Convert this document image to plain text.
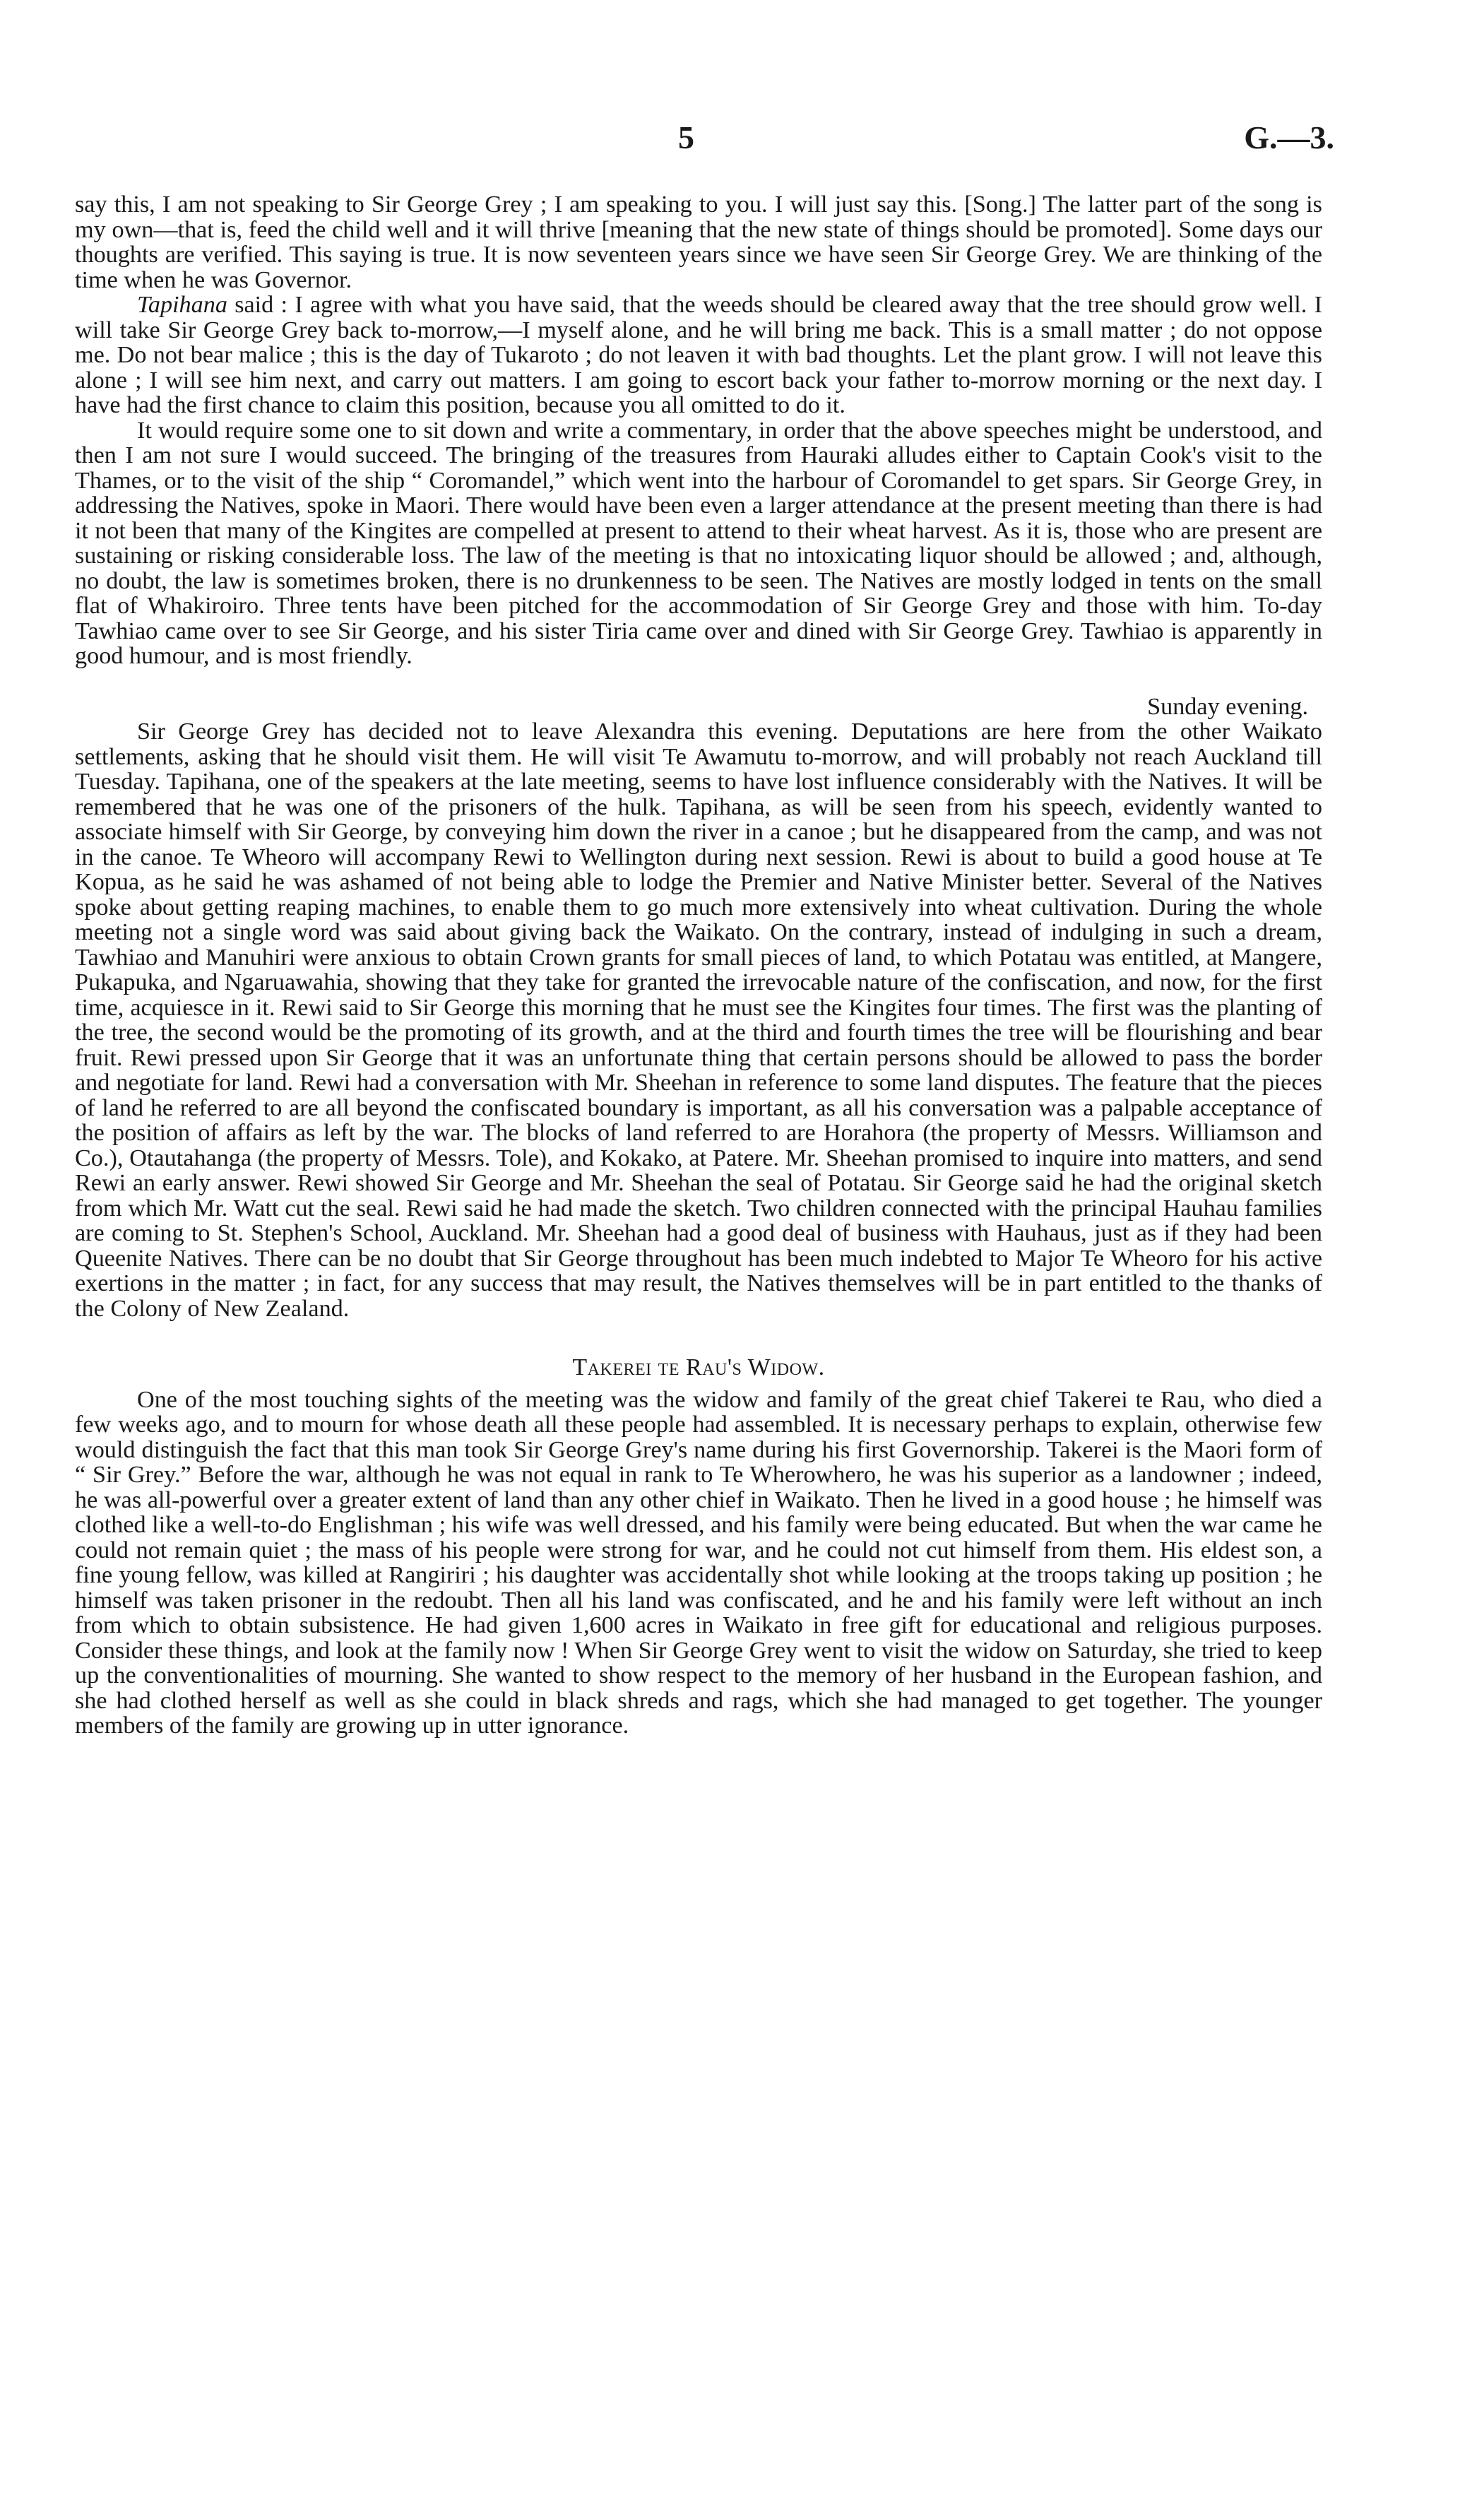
5	G.—3.

say this, I am not speaking to Sir George Grey ; I am speaking to you. I will just say this. [Song.] The latter part of the song is my own—that is, feed the child well and it will thrive [meaning that the new state of things should be promoted]. Some days our thoughts are verified. This saying is true. It is now seventeen years since we have seen Sir George Grey. We are thinking of the time when he was Governor.

Tapihana said : I agree with what you have said, that the weeds should be cleared away that the tree should grow well. I will take Sir George Grey back to-morrow,—I myself alone, and he will bring me back. This is a small matter ; do not oppose me. Do not bear malice ; this is the day of Tukaroto ; do not leaven it with bad thoughts. Let the plant grow. I will not leave this alone ; I will see him next, and carry out matters. I am going to escort back your father to-morrow morning or the next day. I have had the first chance to claim this position, because you all omitted to do it.

It would require some one to sit down and write a commentary, in order that the above speeches might be understood, and then I am not sure I would succeed. The bringing of the treasures from Hauraki alludes either to Captain Cook's visit to the Thames, or to the visit of the ship “ Coromandel,” which went into the harbour of Coromandel to get spars. Sir George Grey, in addressing the Natives, spoke in Maori. There would have been even a larger attendance at the present meeting than there is had it not been that many of the Kingites are compelled at present to attend to their wheat harvest. As it is, those who are present are sustaining or risking considerable loss. The law of the meeting is that no intoxicating liquor should be allowed ; and, although, no doubt, the law is sometimes broken, there is no drunkenness to be seen. The Natives are mostly lodged in tents on the small flat of Whakiroiro. Three tents have been pitched for the accommodation of Sir George Grey and those with him. To-day Tawhiao came over to see Sir George, and his sister Tiria came over and dined with Sir George Grey. Tawhiao is apparently in good humour, and is most friendly.

Sunday evening.

Sir George Grey has decided not to leave Alexandra this evening. Deputations are here from the other Waikato settlements, asking that he should visit them. He will visit Te Awamutu to-morrow, and will probably not reach Auckland till Tuesday. Tapihana, one of the speakers at the late meeting, seems to have lost influence considerably with the Natives. It will be remembered that he was one of the prisoners of the hulk. Tapihana, as will be seen from his speech, evidently wanted to associate himself with Sir George, by conveying him down the river in a canoe ; but he disappeared from the camp, and was not in the canoe. Te Wheoro will accompany Rewi to Wellington during next session. Rewi is about to build a good house at Te Kopua, as he said he was ashamed of not being able to lodge the Premier and Native Minister better. Several of the Natives spoke about getting reaping machines, to enable them to go much more extensively into wheat cultivation. During the whole meeting not a single word was said about giving back the Waikato. On the contrary, instead of indulging in such a dream, Tawhiao and Manuhiri were anxious to obtain Crown grants for small pieces of land, to which Potatau was entitled, at Mangere, Pukapuka, and Ngaruawahia, showing that they take for granted the irrevocable nature of the confiscation, and now, for the first time, acquiesce in it. Rewi said to Sir George this morning that he must see the Kingites four times. The first was the planting of the tree, the second would be the promoting of its growth, and at the third and fourth times the tree will be flourishing and bear fruit. Rewi pressed upon Sir George that it was an unfortunate thing that certain persons should be allowed to pass the border and negotiate for land. Rewi had a conversation with Mr. Sheehan in reference to some land disputes. The feature that the pieces of land he referred to are all beyond the confiscated boundary is important, as all his conversation was a palpable acceptance of the position of affairs as left by the war. The blocks of land referred to are Horahora (the property of Messrs. Williamson and Co.), Otautahanga (the property of Messrs. Tole), and Kokako, at Patere. Mr. Sheehan promised to inquire into matters, and send Rewi an early answer. Rewi showed Sir George and Mr. Sheehan the seal of Potatau. Sir George said he had the original sketch from which Mr. Watt cut the seal. Rewi said he had made the sketch. Two children connected with the principal Hauhau families are coming to St. Stephen's School, Auckland. Mr. Sheehan had a good deal of business with Hauhaus, just as if they had been Queenite Natives. There can be no doubt that Sir George throughout has been much indebted to Major Te Wheoro for his active exertions in the matter ; in fact, for any success that may result, the Natives themselves will be in part entitled to the thanks of the Colony of New Zealand.

Takerei te Rau's Widow.

One of the most touching sights of the meeting was the widow and family of the great chief Takerei te Rau, who died a few weeks ago, and to mourn for whose death all these people had assembled. It is necessary perhaps to explain, otherwise few would distinguish the fact that this man took Sir George Grey's name during his first Governorship. Takerei is the Maori form of “ Sir Grey.” Before the war, although he was not equal in rank to Te Wherowhero, he was his superior as a landowner ; indeed, he was all-powerful over a greater extent of land than any other chief in Waikato. Then he lived in a good house ; he himself was clothed like a well-to-do Englishman ; his wife was well dressed, and his family were being educated. But when the war came he could not remain quiet ; the mass of his people were strong for war, and he could not cut himself from them. His eldest son, a fine young fellow, was killed at Rangiriri ; his daughter was accidentally shot while looking at the troops taking up position ; he himself was taken prisoner in the redoubt. Then all his land was confiscated, and he and his family were left without an inch from which to obtain subsistence. He had given 1,600 acres in Waikato in free gift for educational and religious purposes. Consider these things, and look at the family now ! When Sir George Grey went to visit the widow on Saturday, she tried to keep up the conventionalities of mourning. She wanted to show respect to the memory of her husband in the European fashion, and she had clothed herself as well as she could in black shreds and rags, which she had managed to get together. The younger members of the family are growing up in utter ignorance.
